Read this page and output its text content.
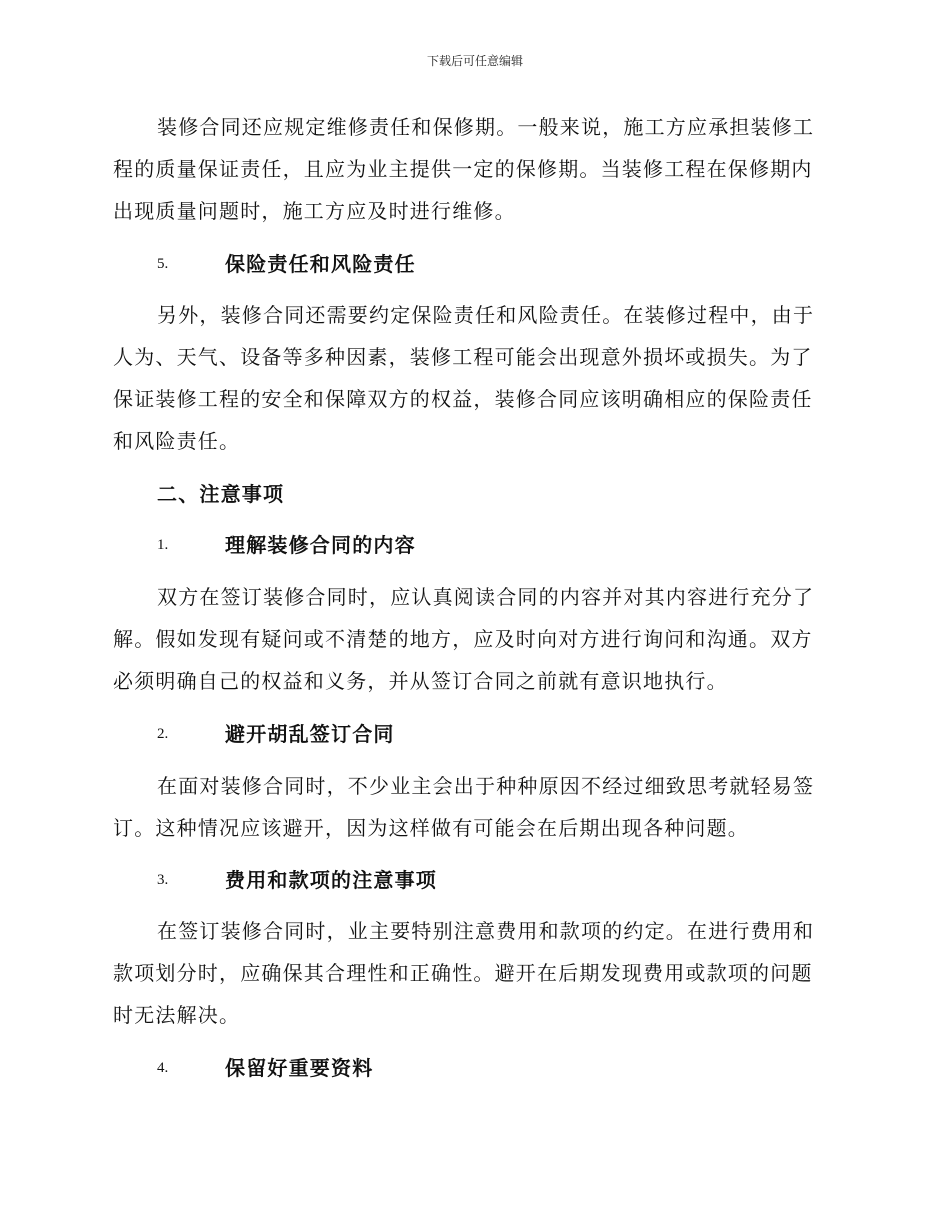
下载后可任意编辑
装修合同还应规定维修责任和保修期。一般来说，施工方应承担装修工程的质量保证责任，且应为业主提供一定的保修期。当装修工程在保修期内出现质量问题时，施工方应及时进行维修。
5.	保险责任和风险责任
另外，装修合同还需要约定保险责任和风险责任。在装修过程中，由于人为、天气、设备等多种因素，装修工程可能会出现意外损坏或损失。为了保证装修工程的安全和保障双方的权益，装修合同应该明确相应的保险责任和风险责任。
二、注意事项
1.	理解装修合同的内容
双方在签订装修合同时，应认真阅读合同的内容并对其内容进行充分了解。假如发现有疑问或不清楚的地方，应及时向对方进行询问和沟通。双方必须明确自己的权益和义务，并从签订合同之前就有意识地执行。
2.	避开胡乱签订合同
在面对装修合同时，不少业主会出于种种原因不经过细致思考就轻易签订。这种情况应该避开，因为这样做有可能会在后期出现各种问题。
3.	费用和款项的注意事项
在签订装修合同时，业主要特别注意费用和款项的约定。在进行费用和款项划分时，应确保其合理性和正确性。避开在后期发现费用或款项的问题时无法解决。
4.	保留好重要资料
